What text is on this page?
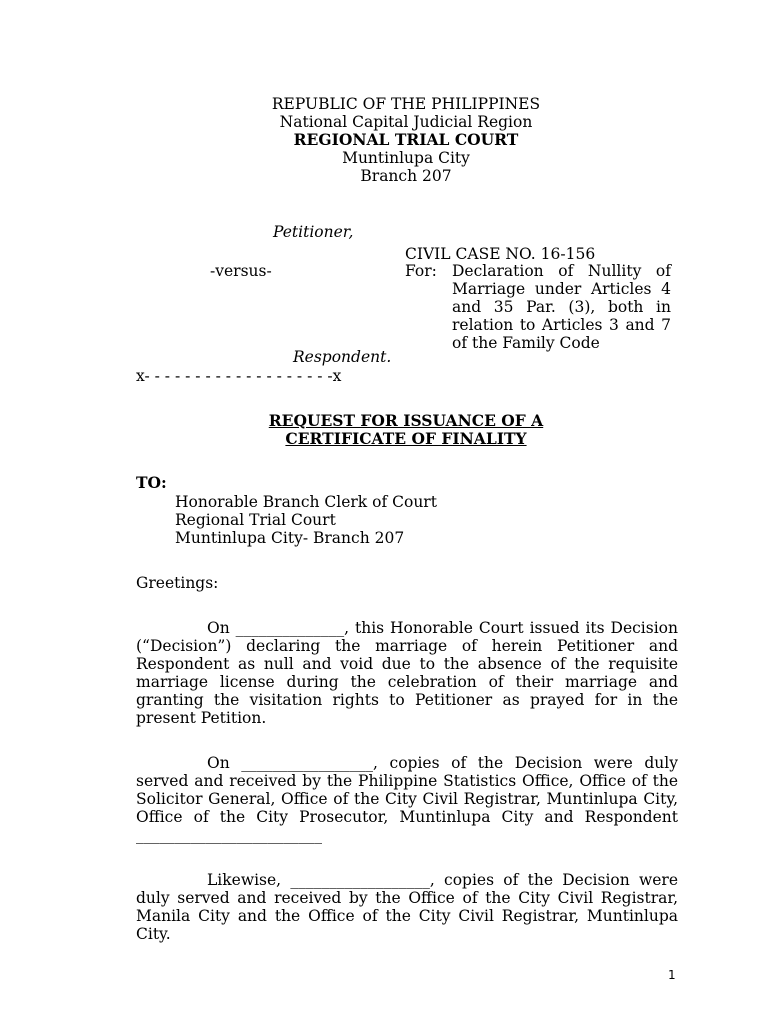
REPUBLIC OF THE PHILIPPINES

National Capital Judicial Region

REGIONAL TRIAL COURT

Muntinlupa City

Branch 207

Petitioner,

CIVIL CASE NO. 16-156

-versus-	For: Declaration of Nullity of Marriage under Articles 4 and 35 Par. (3), both in relation to Articles 3 and 7 of the Family Code

Respondent.

x- - - - - - - - - - - - - - - - - - -x

REQUEST FOR ISSUANCE OF A

CERTIFICATE OF FINALITY

TO:

Honorable Branch Clerk of Court

Regional Trial Court

Muntinlupa City- Branch 207

Greetings:

On ______________, this Honorable Court issued its Decision (“Decision”) declaring the marriage of herein Petitioner and Respondent as null and void due to the absence of the requisite marriage license during the celebration of their marriage and granting the visitation rights to Petitioner as prayed for in the present Petition.

On _________________, copies of the Decision were duly served and received by the Philippine Statistics Office, Office of the Solicitor General, Office of the City Civil Registrar, Muntinlupa City, Office of the City Prosecutor, Muntinlupa City and Respondent ________________________

Likewise, __________________, copies of the Decision were duly served and received by the Office of the City Civil Registrar, Manila City and the Office of the City Civil Registrar, Muntinlupa City.

1
